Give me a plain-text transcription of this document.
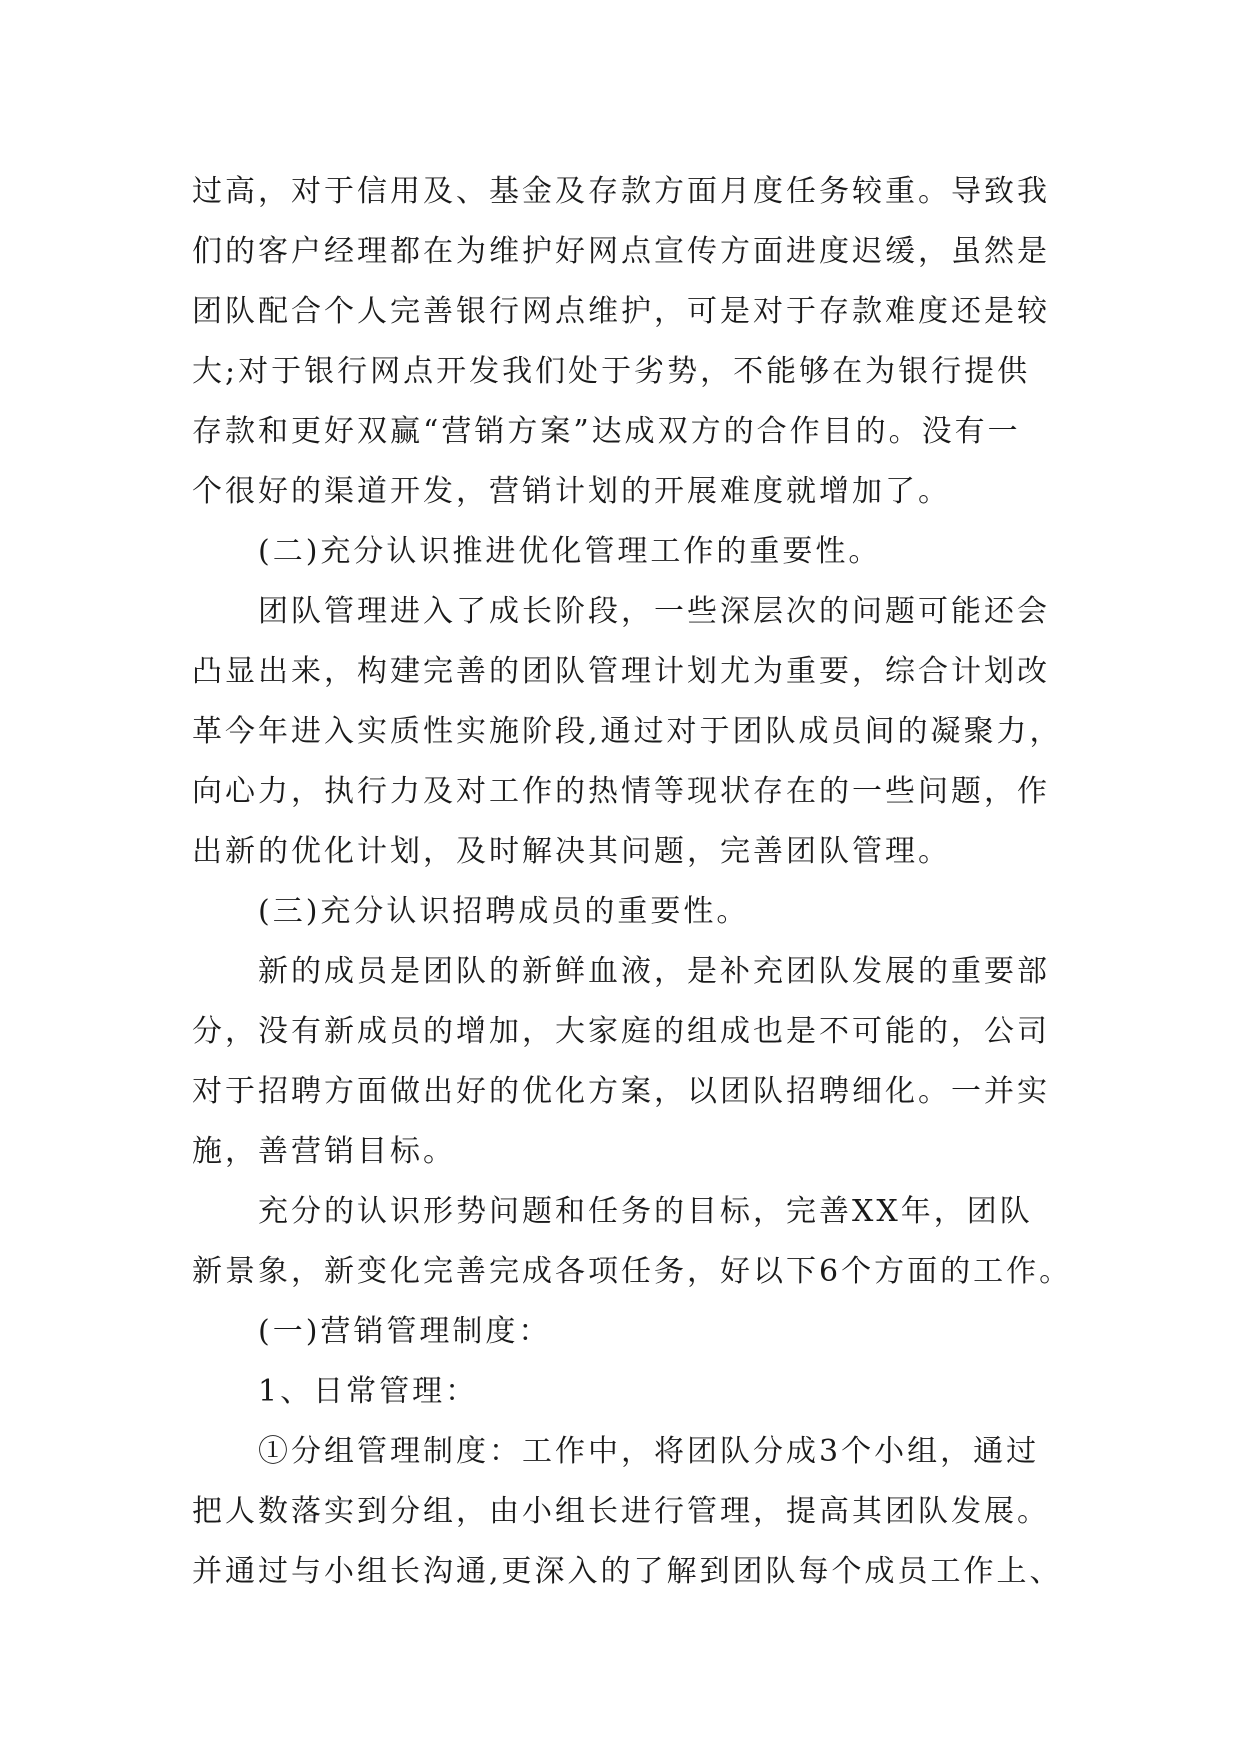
过高，对于信用及、基金及存款方面月度任务较重。导致我
们的客户经理都在为维护好网点宣传方面进度迟缓，虽然是
团队配合个人完善银行网点维护，可是对于存款难度还是较
大;对于银行网点开发我们处于劣势，不能够在为银行提供
存款和更好双赢“营销方案”达成双方的合作目的。没有一
个很好的渠道开发，营销计划的开展难度就增加了。

(二)充分认识推进优化管理工作的重要性。

团队管理进入了成长阶段，一些深层次的问题可能还会
凸显出来，构建完善的团队管理计划尤为重要，综合计划改
革今年进入实质性实施阶段,通过对于团队成员间的凝聚力，
向心力，执行力及对工作的热情等现状存在的一些问题，作
出新的优化计划，及时解决其问题，完善团队管理。

(三)充分认识招聘成员的重要性。

新的成员是团队的新鲜血液，是补充团队发展的重要部
分，没有新成员的增加，大家庭的组成也是不可能的，公司
对于招聘方面做出好的优化方案，以团队招聘细化。一并实
施，善营销目标。

充分的认识形势问题和任务的目标，完善XX年，团队
新景象，新变化完善完成各项任务，好以下6个方面的工作。

(一)营销管理制度：

1、日常管理：

①分组管理制度：工作中，将团队分成3个小组，通过
把人数落实到分组，由小组长进行管理，提高其团队发展。
并通过与小组长沟通,更深入的了解到团队每个成员工作上、
